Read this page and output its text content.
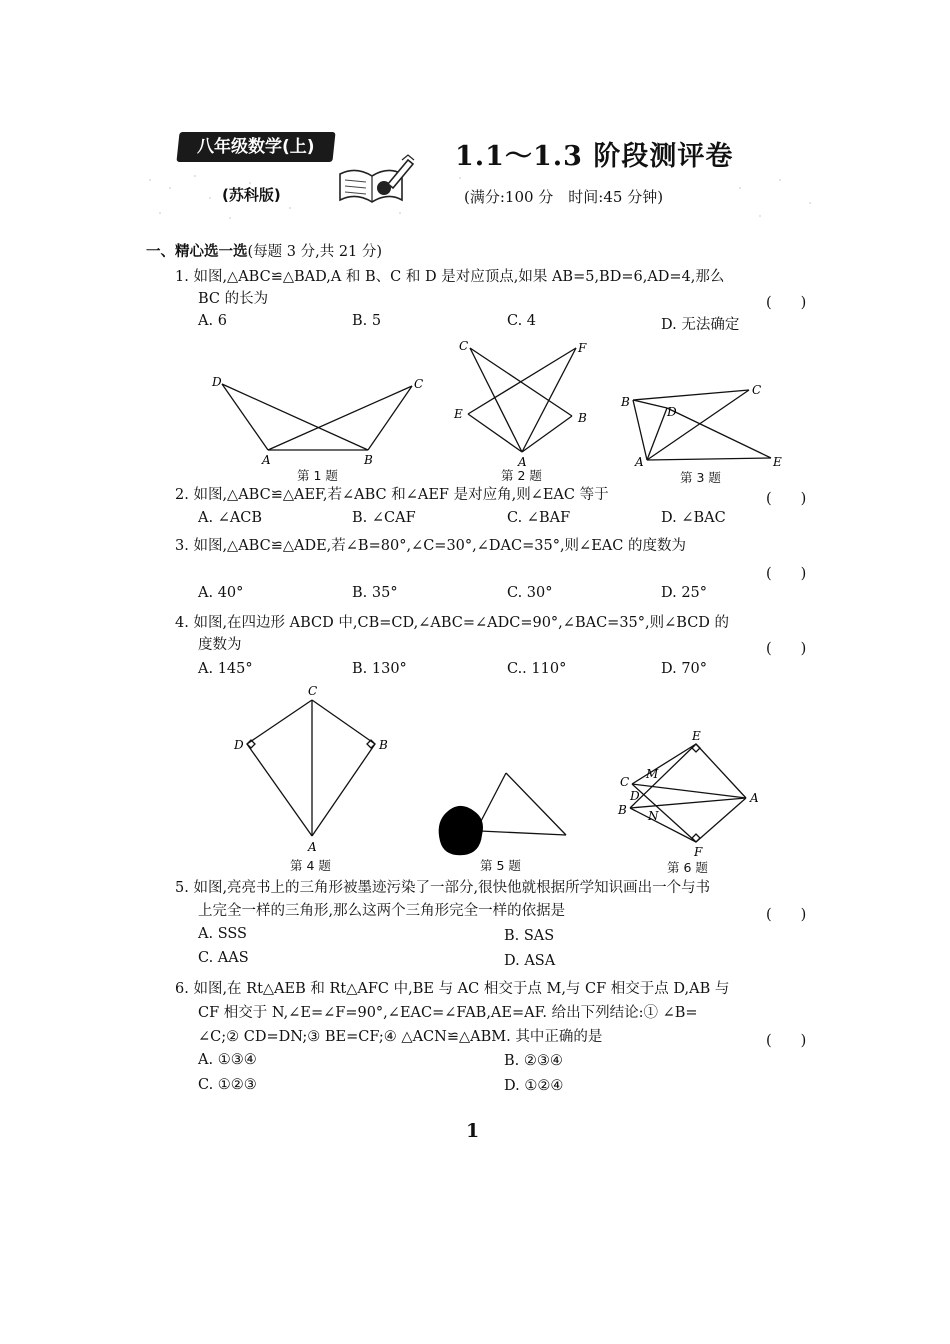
八年级数学(上)
(苏科版)
1.1～1.3 阶段测评卷
(满分:100 分　时间:45 分钟)
一、精心选一选(每题 3 分,共 21 分)
1. 如图,△ABC≌△BAD,A 和 B、C 和 D 是对应顶点,如果 AB=5,BD=6,AD=4,那么
BC 的长为	(　　)
A. 6	B. 5	C. 4	D. 无法确定
D	C
A	B
第 1 题
C	F
E	B
A
第 2 题
B
D
C
A	E
第 3 题
2. 如图,△ABC≌△AEF,若∠ABC 和∠AEF 是对应角,则∠EAC 等于	(　　)
A. ∠ACB	B. ∠CAF	C. ∠BAF	D. ∠BAC
3. 如图,△ABC≌△ADE,若∠B=80°,∠C=30°,∠DAC=35°,则∠EAC 的度数为
(　　)
A. 40°	B. 35°	C. 30°	D. 25°
4. 如图,在四边形 ABCD 中,CB=CD,∠ABC=∠ADC=90°,∠BAC=35°,则∠BCD 的
度数为	(　　)
A. 145°	B. 130°	C.. 110°	D. 70°
C
D	B
A
第 4 题	第 5 题
E
M
C
D
B N
A
F
第 6 题
5. 如图,亮亮书上的三角形被墨迹污染了一部分,很快他就根据所学知识画出一个与书
上完全一样的三角形,那么这两个三角形完全一样的依据是	(　　)
A. SSS	B. SAS
C. AAS	D. ASA
6. 如图,在 Rt△AEB 和 Rt△AFC 中,BE 与 AC 相交于点 M,与 CF 相交于点 D,AB 与
CF 相交于 N,∠E=∠F=90°,∠EAC=∠FAB,AE=AF. 给出下列结论:① ∠B=
∠C;② CD=DN;③ BE=CF;④ △ACN≌△ABM. 其中正确的是	(　　)
A. ①③④	B. ②③④
C. ①②③	D. ①②④
1
